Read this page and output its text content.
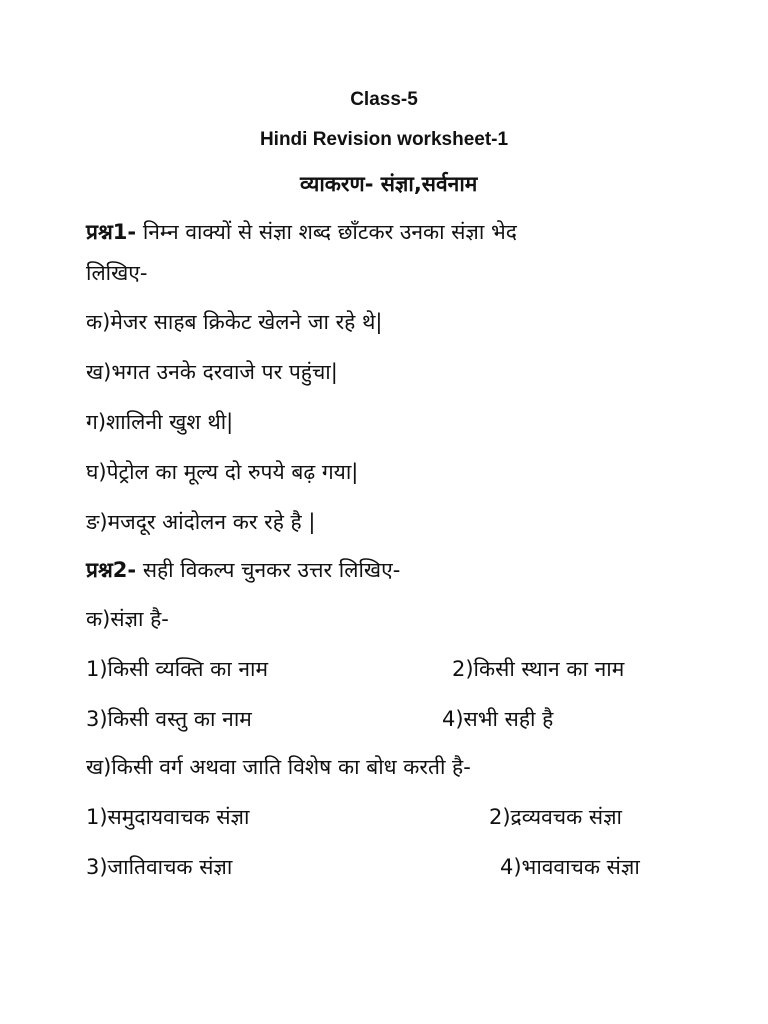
Class-5
Hindi Revision worksheet-1
व्याकरण- संज्ञा,सर्वनाम
प्रश्न1- निम्न वाक्यों से संज्ञा शब्द छाँटकर उनका संज्ञा भेद
लिखिए-
क)मेजर साहब क्रिकेट खेलने जा रहे थे|
ख)भगत उनके दरवाजे पर पहुंचा|
ग)शालिनी खुश थी|
घ)पेट्रोल का मूल्य दो रुपये बढ़ गया|
ङ)मजदूर आंदोलन कर रहे है |
प्रश्न2- सही विकल्प चुनकर उत्तर लिखिए-
क)संज्ञा है-
1)किसी व्यक्ति का नाम	2)किसी स्थान का नाम
3)किसी वस्तु का नाम	4)सभी सही है
ख)किसी वर्ग अथवा जाति विशेष का बोध करती है-
1)समुदायवाचक संज्ञा	2)द्रव्यवचक संज्ञा
3)जातिवाचक संज्ञा	4)भाववाचक संज्ञा
